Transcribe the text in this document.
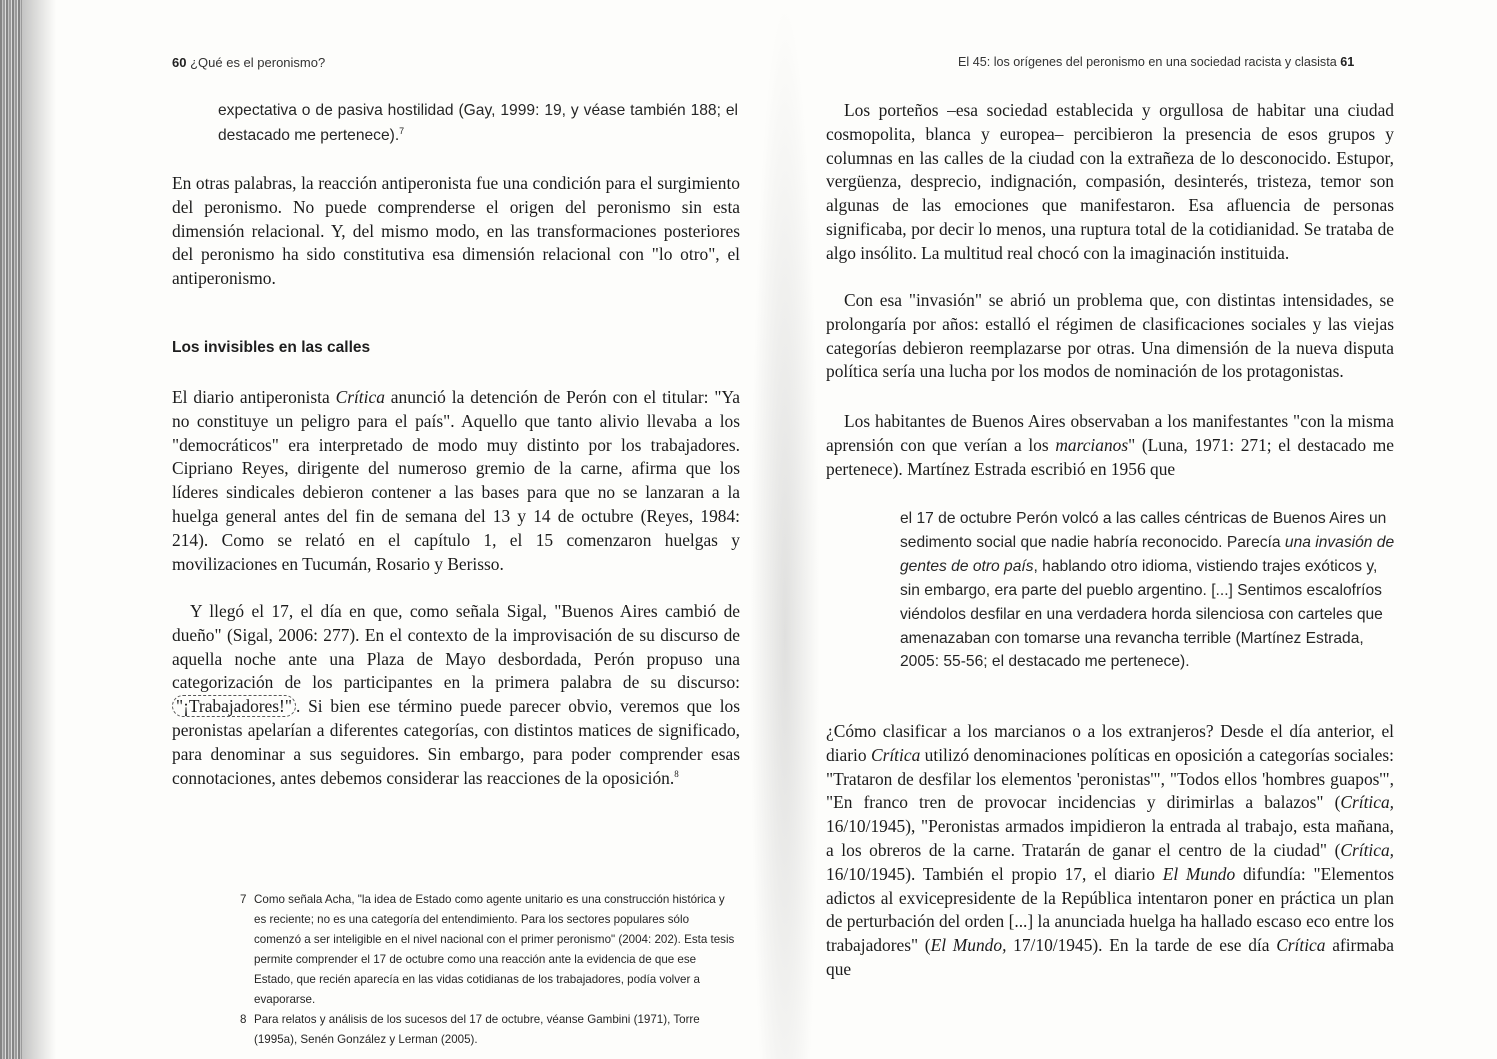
60 ¿Qué es el peronismo?

expectativa o de pasiva hostilidad (Gay, 1999: 19, y véase también 188; el destacado me pertenece).$^7$

En otras palabras, la reacción antiperonista fue una condición para el surgimiento del peronismo. No puede comprenderse el origen del peronismo sin esta dimensión relacional. Y, del mismo modo, en las transformaciones posteriores del peronismo ha sido constitutiva esa dimensión relacional con "lo otro", el antiperonismo.

Los invisibles en las calles

El diario antiperonista Crítica anunció la detención de Perón con el titular: "Ya no constituye un peligro para el país". Aquello que tanto alivio llevaba a los "democráticos" era interpretado de modo muy distinto por los trabajadores. Cipriano Reyes, dirigente del numeroso gremio de la carne, afirma que los líderes sindicales debieron contener a las bases para que no se lanzaran a la huelga general antes del fin de semana del 13 y 14 de octubre (Reyes, 1984: 214). Como se relató en el capítulo 1, el 15 comenzaron huelgas y movilizaciones en Tucumán, Rosario y Berisso.

Y llegó el 17, el día en que, como señala Sigal, "Buenos Aires cambió de dueño" (Sigal, 2006: 277). En el contexto de la improvisación de su discurso de aquella noche ante una Plaza de Mayo desbordada, Perón propuso una categorización de los participantes en la primera palabra de su discurso: "¡Trabajadores!" . Si bien ese término puede parecer obvio, veremos que los peronistas apelarían a diferentes categorías, con distintos matices de significado, para denominar a sus seguidores. Sin embargo, para poder comprender esas connotaciones, antes debemos considerar las reacciones de la oposición.$^8$

7 Como señala Acha, "la idea de Estado como agente unitario es una construcción histórica y es reciente; no es una categoría del entendimiento. Para los sectores populares sólo comenzó a ser inteligible en el nivel nacional con el primer peronismo" (2004: 202). Esta tesis permite comprender el 17 de octubre como una reacción ante la evidencia de que ese Estado, que recién aparecía en las vidas cotidianas de los trabajadores, podía volver a evaporarse.

8 Para relatos y análisis de los sucesos del 17 de octubre, véanse Gambini (1971), Torre (1995a), Senén González y Lerman (2005).

El 45: los orígenes del peronismo en una sociedad racista y clasista 61

Los porteños –esa sociedad establecida y orgullosa de habitar una ciudad cosmopolita, blanca y europea– percibieron la presencia de esos grupos y columnas en las calles de la ciudad con la extrañeza de lo desconocido. Estupor, vergüenza, desprecio, indignación, compasión, desinterés, tristeza, temor son algunas de las emociones que manifestaron. Esa afluencia de personas significaba, por decir lo menos, una ruptura total de la cotidianidad. Se trataba de algo insólito. La multitud real chocó con la imaginación instituida.

Con esa "invasión" se abrió un problema que, con distintas intensidades, se prolongaría por años: estalló el régimen de clasificaciones sociales y las viejas categorías debieron reemplazarse por otras. Una dimensión de la nueva disputa política sería una lucha por los modos de nominación de los protagonistas.

Los habitantes de Buenos Aires observaban a los manifestantes "con la misma aprensión con que verían a los marcianos" (Luna, 1971: 271; el destacado me pertenece). Martínez Estrada escribió en 1956 que

el 17 de octubre Perón volcó a las calles céntricas de Buenos Aires un sedimento social que nadie habría reconocido. Parecía una invasión de gentes de otro país, hablando otro idioma, vistiendo trajes exóticos y, sin embargo, era parte del pueblo argentino. [...] Sentimos escalofríos viéndolos desfilar en una verdadera horda silenciosa con carteles que amenazaban con tomarse una revancha terrible (Martínez Estrada, 2005: 55-56; el destacado me pertenece).

¿Cómo clasificar a los marcianos o a los extranjeros? Desde el día anterior, el diario Crítica utilizó denominaciones políticas en oposición a categorías sociales: "Trataron de desfilar los elementos 'peronistas'", "Todos ellos 'hombres guapos'", "En franco tren de provocar incidencias y dirimirlas a balazos" (Crítica, 16/10/1945), "Peronistas armados impidieron la entrada al trabajo, esta mañana, a los obreros de la carne. Tratarán de ganar el centro de la ciudad" (Crítica, 16/10/1945). También el propio 17, el diario El Mundo difundía: "Elementos adictos al exvicepresidente de la República intentaron poner en práctica un plan de perturbación del orden [...] la anunciada huelga ha hallado escaso eco entre los trabajadores" (El Mundo, 17/10/1945). En la tarde de ese día Crítica afirmaba que
